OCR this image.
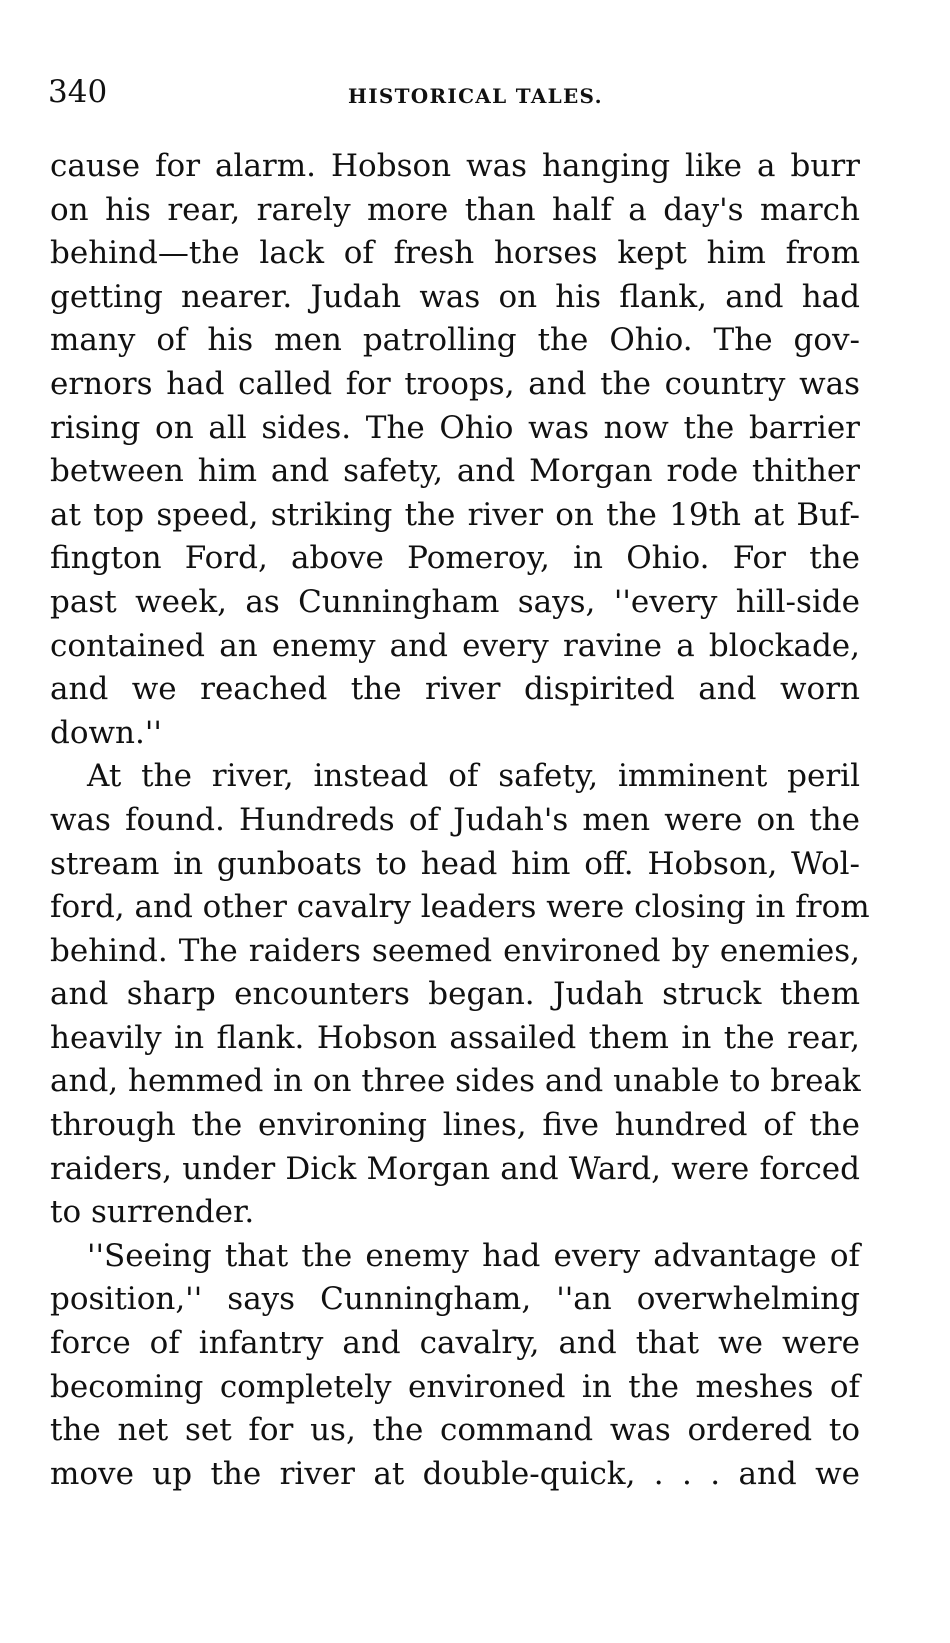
340	HISTORICAL TALES.
cause for alarm. Hobson was hanging like a burr
on his rear, rarely more than half a day's march
behind—the lack of fresh horses kept him from
getting nearer. Judah was on his flank, and had
many of his men patrolling the Ohio. The gov-
ernors had called for troops, and the country was
rising on all sides. The Ohio was now the barrier
between him and safety, and Morgan rode thither
at top speed, striking the river on the 19th at Buf-
fington Ford, above Pomeroy, in Ohio. For the
past week, as Cunningham says, ''every hill-side
contained an enemy and every ravine a blockade,
and we reached the river dispirited and worn
down.''
At the river, instead of safety, imminent peril
was found. Hundreds of Judah's men were on the
stream in gunboats to head him off. Hobson, Wol-
ford, and other cavalry leaders were closing in from
behind. The raiders seemed environed by enemies,
and sharp encounters began. Judah struck them
heavily in flank. Hobson assailed them in the rear,
and, hemmed in on three sides and unable to break
through the environing lines, five hundred of the
raiders, under Dick Morgan and Ward, were forced
to surrender.
''Seeing that the enemy had every advantage of
position,'' says Cunningham, ''an overwhelming
force of infantry and cavalry, and that we were
becoming completely environed in the meshes of
the net set for us, the command was ordered to
move up the river at double-quick, . . . and we
